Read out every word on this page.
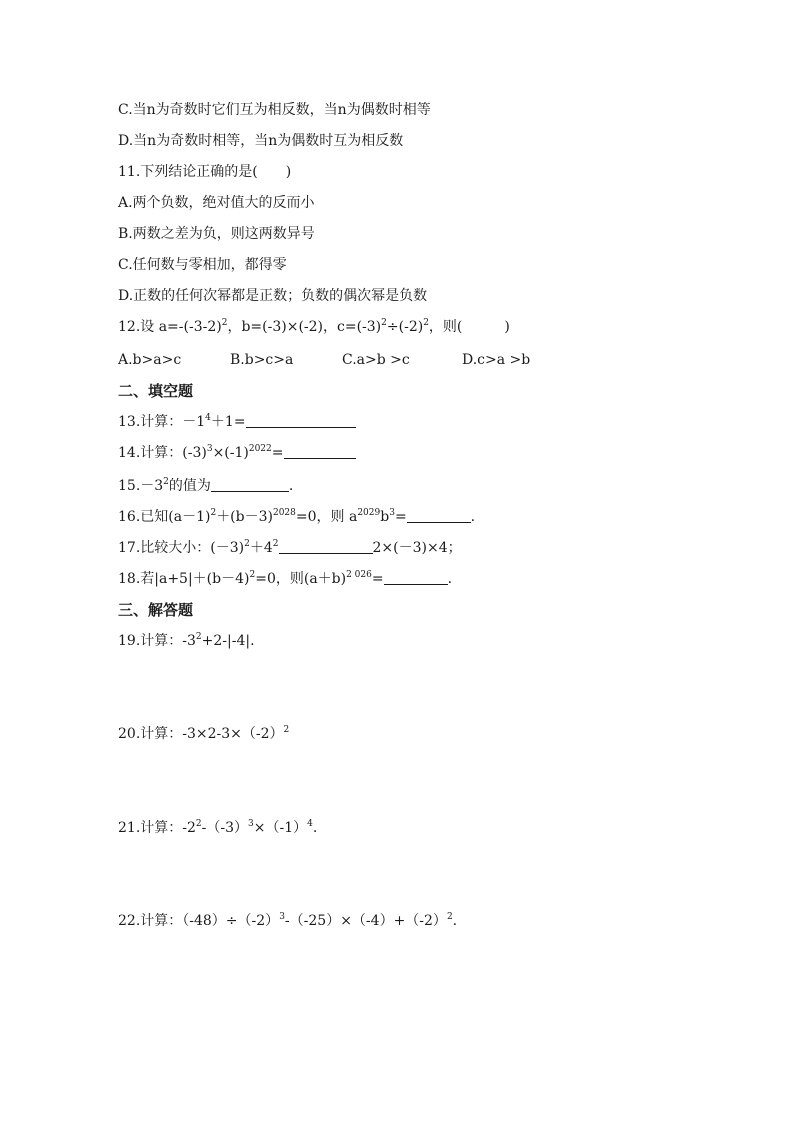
C.当n为奇数时它们互为相反数，当n为偶数时相等
D.当n为奇数时相等，当n为偶数时互为相反数
11.下列结论正确的是(　　)
A.两个负数，绝对值大的反而小
B.两数之差为负，则这两数异号
C.任何数与零相加，都得零
D.正数的任何次幂都是正数；负数的偶次幂是负数
12.设 $a=-(-3-2)^2$，b=(-3)×(-2)，$c=(-3)^2\div(-2)^2$，则(　　　)
A.b>a>c	B.b>c>a	C.a>b >c	D.c>a >b
二、填空题
13.计算：$-1^4+1=$
14.计算：$(-3)^3\times(-1)^{2022}=$
$15.-3^2$的值为	.
16.已知$(a-1)^2+(b-3)^{2028}=0$，则 $a^{2029}b^3=$	.
17.比较大小：$(-3)^2+4^2$	2×(－3)×4；
18.若$|a+5|+(b-4)^2=0$，则$(a+b)^{2 026}=$	.
三、解答题
19.计算：$-3^2+2-|-4|$.
20.计算：$-3\times 2-3\times(-2)^2$
21.计算：$-2^2-(-3)^3\times(-1)^4$.
22.计算：$(-48)\div(-2)^3-(-25)\times(-4)+(-2)^2$.
